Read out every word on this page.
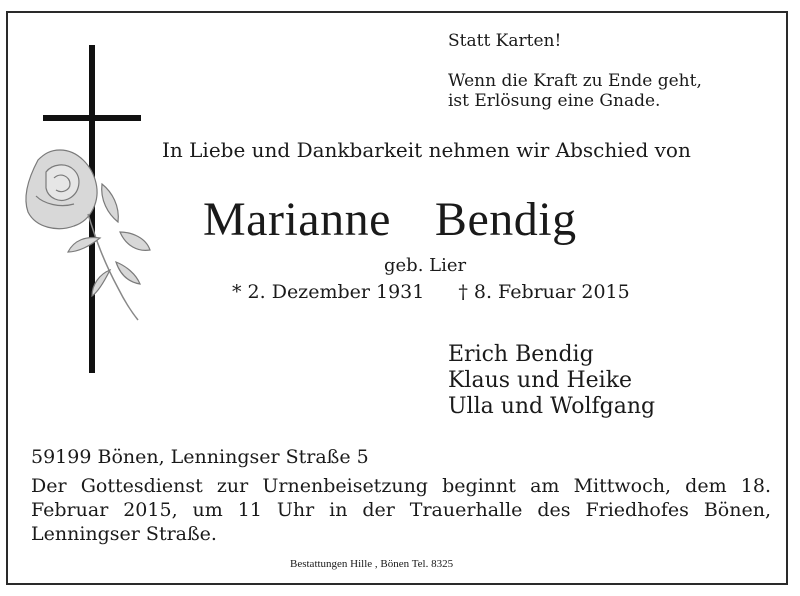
Statt Karten!
Wenn die Kraft zu Ende geht,
ist Erlösung eine Gnade.
In Liebe und Dankbarkeit nehmen wir Abschied von
Marianne Bendig
geb. Lier
* 2. Dezember 1931 † 8. Februar 2015
Erich Bendig
Klaus und Heike
Ulla und Wolfgang
59199 Bönen, Lenningser Straße 5
Der Gottesdienst zur Urnenbeisetzung beginnt am Mittwoch, dem 18. Februar 2015, um 11 Uhr in der Trauerhalle des Friedhofes Bönen, Lenningser Straße.
Bestattungen Hille , Bönen Tel. 8325
